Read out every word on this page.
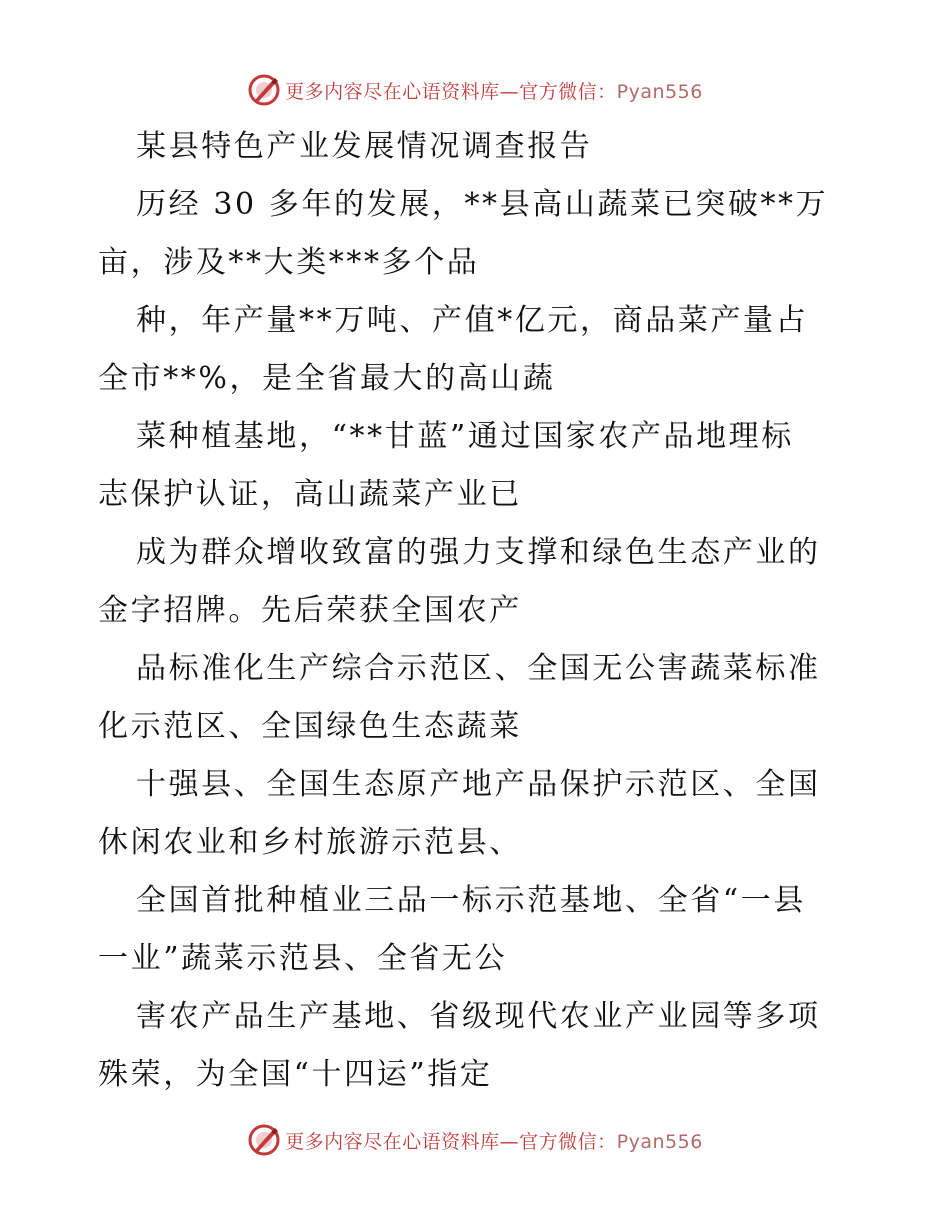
更多内容尽在心语资料库—官方微信：Pyan556
某县特色产业发展情况调查报告
历经 30 多年的发展，**县高山蔬菜已突破**万
亩，涉及**大类***多个品
种，年产量**万吨、产值*亿元，商品菜产量占
全市**%，是全省最大的高山蔬
菜种植基地，“**甘蓝”通过国家农产品地理标
志保护认证，高山蔬菜产业已
成为群众增收致富的强力支撑和绿色生态产业的
金字招牌。先后荣获全国农产
品标准化生产综合示范区、全国无公害蔬菜标准
化示范区、全国绿色生态蔬菜
十强县、全国生态原产地产品保护示范区、全国
休闲农业和乡村旅游示范县、
全国首批种植业三品一标示范基地、全省“一县
一业”蔬菜示范县、全省无公
害农产品生产基地、省级现代农业产业园等多项
殊荣，为全国“十四运”指定
更多内容尽在心语资料库—官方微信：Pyan556
